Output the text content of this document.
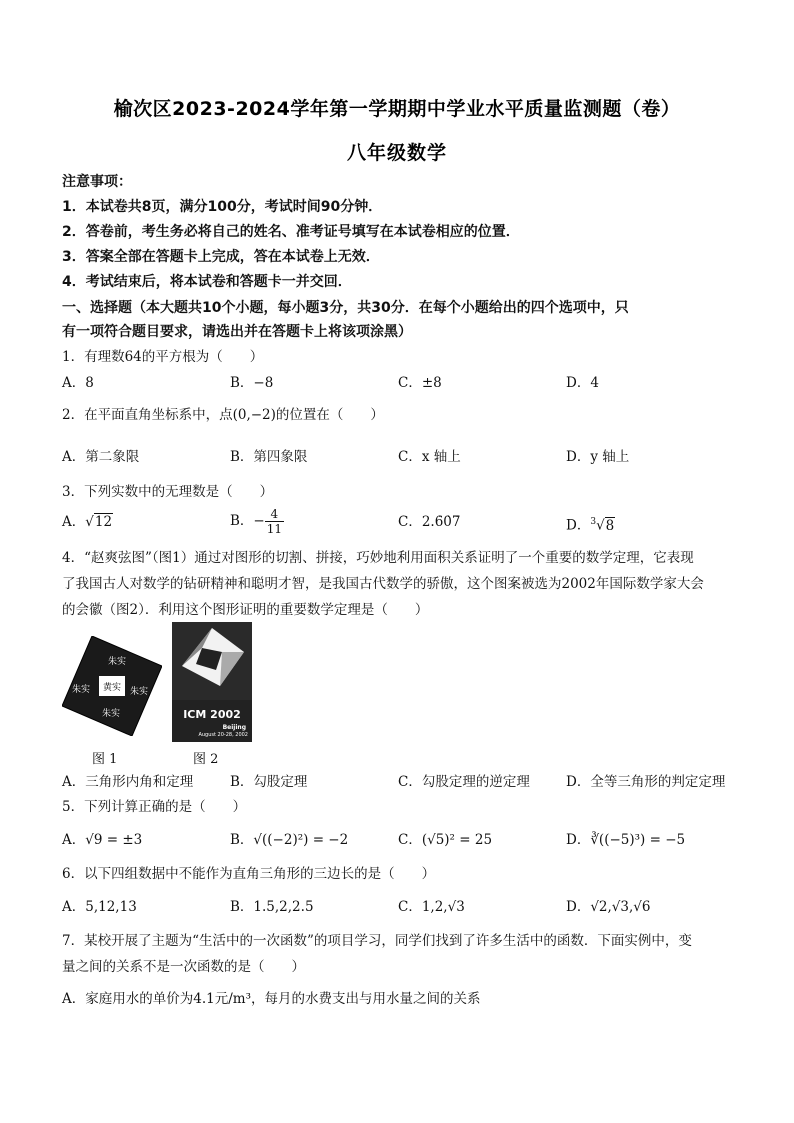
榆次区2023-2024学年第一学期期中学业水平质量监测题（卷）
八年级数学
注意事项：
1．本试卷共8页，满分100分，考试时间90分钟．
2．答卷前，考生务必将自己的姓名、准考证号填写在本试卷相应的位置．
3．答案全部在答题卡上完成，答在本试卷上无效．
4．考试结束后，将本试卷和答题卡一并交回．
一、选择题（本大题共10个小题，每小题3分，共30分．在每个小题给出的四个选项中，只
有一项符合题目要求，请选出并在答题卡上将该项涂黑）
1．有理数64的平方根为（　　）
A．8	B．−8	C．±8	D．4
2．在平面直角坐标系中，点(0,−2)的位置在（　　）
A．第二象限	B．第四象限	C．x 轴上	D．y 轴上
3．下列实数中的无理数是（　　）
A．√12	B．− $\frac{4}{11}$	C．2.6̇0̇7̇	D．$^3$√8
4．“赵爽弦图”（图1）通过对图形的切割、拼接，巧妙地利用面积关系证明了一个重要的数学定理，它表现
了我国古人对数学的钻研精神和聪明才智，是我国古代数学的骄傲，这个图案被选为2002年国际数学家大会
的会徽（图2）．利用这个图形证明的重要数学定理是（　　）
朱实
朱实 黄实 朱实
朱实
图 1
ICM 2002
Beijing
August 20-28, 2002
图 2
A．三角形内角和定理	B．勾股定理	C．勾股定理的逆定理	D．全等三角形的判定定理
5．下列计算正确的是（　　）
A．√9 = ±3	B．√((−2)²) = −2	C．(√5)² = 25	D．∛((−5)³) = −5
6．以下四组数据中不能作为直角三角形的三边长的是（　　）
A．5,12,13	B．1.5,2,2.5	C．1,2,√3	D．√2,√3,√6
7．某校开展了主题为“生活中的一次函数”的项目学习，同学们找到了许多生活中的函数．下面实例中，变
量之间的关系不是一次函数的是（　　）
A．家庭用水的单价为4.1元/m³，每月的水费支出与用水量之间的关系
